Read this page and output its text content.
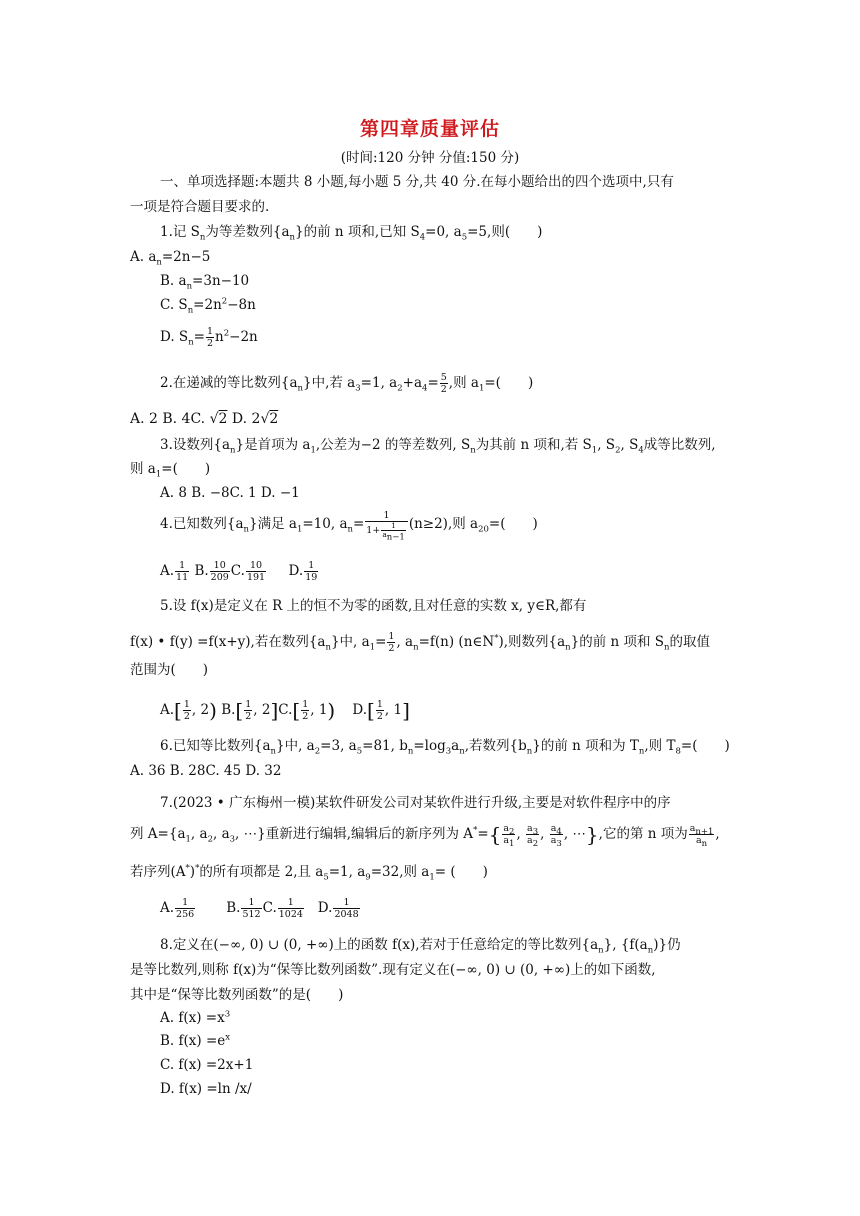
第四章质量评估
(时间:120 分钟 分值:150 分)
一、单项选择题:本题共 8 小题,每小题 5 分,共 40 分.在每小题给出的四个选项中,只有
一项是符合题目要求的.
1.记 $S_n$为等差数列$\{a_n\}$的前 n 项和,已知 $S_4=0$, $a_5=5$,则(　　)
A. $a_n=2n-5$
B. $a_n=3n-10$
C. $S_n=2n^2-8n$
D. $S_n= \frac{1}{2} n^2-2n$
2.在递减的等比数列$\{a_n\}$中,若 $a_3=1$, $a_2+a_4= \frac{5}{2}$ ,则 $a_1=$(　　)
A. 2 B. 4C. √2 D. 2√2
3.设数列$\{a_n\}$是首项为 $a_1$,公差为−2 的等差数列, $S_n$为其前 n 项和,若 $S_1$, $S_2$, $S_4$成等比数列,
则 $a_1=$(　　)
A. 8 B. −8C. 1 D. −1
4.已知数列$\{a_n\}$满足 $a_1=10$, $a_n= \frac{1}{1+ \frac{1}{a_{n-1}}} (n\ge 2)$,则 $a_{20}=$(　　)
A. $\frac{1}{11} B$. $\frac{10}{209} C$. $\frac{10}{191} D$. $\frac{1}{19}$
5.设 f(x)是定义在 R 上的恒不为零的函数,且对任意的实数 x, y∈R,都有
f(x) • f(y) =f(x+y),若在数列$\{a_n\}$中, $a_1= \frac{1}{2}$ , $a_n=f(n)$ (n∈N*),则数列$\{a_n\}$的前 n 项和 $S_n$的取值
范围为(　　)
$A.[ \frac{1}{2}$ , 2) $B.[ \frac{1}{2}$ , $2]C.[ \frac{1}{2}$ , 1) $D.[ \frac{1}{2}$ , 1]
6.已知等比数列$\{a_n\}$中, $a_2=3$, $a_5=81$, $b_n=\log_3a_n$,若数列$\{b_n\}$的前 n 项和为 $T_n$,则 $T_8=$(　　)
A. 36 B. 28C. 45 D. 32
7.(2023 • 广东梅州一模)某软件研发公司对某软件进行升级,主要是对软件程序中的序
列 $A=\{a_1$, $a_2$, $a_3$, ⋯}重新进行编辑,编辑后的新序列为 $A^*=\{ \frac{a_2}{a_1}$ , $\frac{a_3}{a_2}$ , $\frac{a_4}{a_3}$ , ⋯},它的第 n 项为 $\frac{a_{n+1}}{a_n}$ ,
若序列(A*)*的所有项都是 2,且 $a_5=1$, $a_9=32$,则 $a_1=$ (　　)
A. $\frac{1}{256} B$. $\frac{1}{512} C$. $\frac{1}{1024} D$. $\frac{1}{2048}$
8.定义在(−∞, 0) ∪ (0, +∞)上的函数 f(x),若对于任意给定的等比数列$\{a_n\}$, $\{f(a_n)\}$仍
是等比数列,则称 f(x)为“保等比数列函数”.现有定义在(−∞, 0) ∪ (0, +∞)上的如下函数,
其中是“保等比数列函数”的是(　　)
A. $f(x) =x^3$
B. $f(x) =e^x$
C. f(x) =2x+1
D. f(x) =ln /x/
